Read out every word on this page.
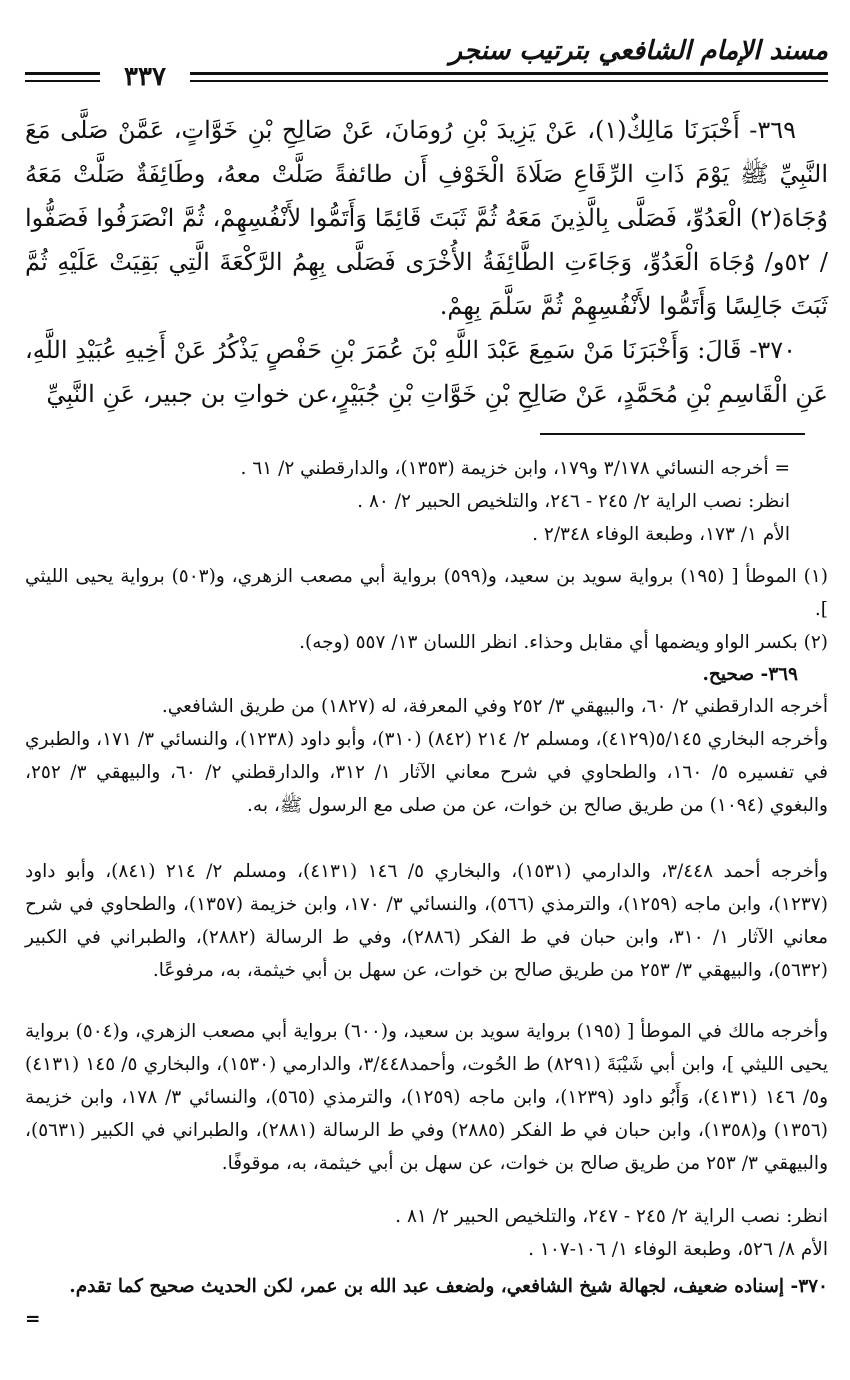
مسند الإمام الشافعي بترتيب سنجر
٣٣٧

٣٦٩- أَخْبَرَنَا مَالِكٌ(١)، عَنْ يَزِيدَ بْنِ رُومَانَ، عَنْ صَالِحِ بْنِ خَوَّاتٍ، عَمَّنْ صَلَّى مَعَ النَّبِيِّ ﷺ يَوْمَ ذَاتِ الرِّقَاعِ صَلَاةَ الْخَوْفِ أَن طائفةً صَلَّتْ معهُ، وطَائِفَةٌ صَلَّتْ مَعَهُ وُجَاهَ(٢) الْعَدُوِّ، فَصَلَّى بِالَّذِينَ مَعَهُ ثُمَّ ثَبَتَ قَائِمًا وَأَتَمُّوا لأَنْفُسِهِمْ، ثُمَّ انْصَرَفُوا فَصَفُّوا / ٥٢و/ وُجَاهَ الْعَدُوِّ، وَجَاءَتِ الطَّائِفَةُ الأُخْرَى فَصَلَّى بِهِمُ الرَّكْعَةَ الَّتِي بَقِيَتْ عَلَيْهِ ثُمَّ ثَبَتَ جَالِسًا وَأَتَمُّوا لأَنْفُسِهِمْ ثُمَّ سَلَّمَ بِهِمْ.

٣٧٠- قَالَ: وَأَخْبَرَنَا مَنْ سَمِعَ عَبْدَ اللَّهِ بْنَ عُمَرَ بْنِ حَفْصٍ يَذْكُرُ عَنْ أَخِيهِ عُبَيْدِ اللَّهِ، عَنِ الْقَاسِمِ بْنِ مُحَمَّدٍ، عَنْ صَالِحِ بْنِ خَوَّاتِ بْنِ جُبَيْرٍ،عن خواتِ بن جبير، عَنِ النَّبِيِّ

= أخرجه النسائي ٣/١٧٨ و١٧٩، وابن خزيمة (١٣٥٣)، والدارقطني ٢/ ٦١ .
انظر: نصب الراية ٢/ ٢٤٥ - ٢٤٦، والتلخيص الحبير ٢/ ٨٠ .
الأم ١/ ١٧٣، وطبعة الوفاء ٢/٣٤٨ .
(١) الموطأ [ (١٩٥) برواية سويد بن سعيد، و(٥٩٩) برواية أبي مصعب الزهري، و(٥٠٣) برواية يحيى الليثي ].
(٢) بكسر الواو ويضمها أي مقابل وحذاء. انظر اللسان ١٣/ ٥٥٧ (وجه).
٣٦٩- صحيح.
أخرجه الدارقطني ٢/ ٦٠، والبيهقي ٣/ ٢٥٢ وفي المعرفة، له (١٨٢٧) من طريق الشافعي.
وأخرجه البخاري ٥/١٤٥(٤١٢٩)، ومسلم ٢/ ٢١٤ (٨٤٢) (٣١٠)، وأبو داود (١٢٣٨)، والنسائي ٣/ ١٧١، والطبري في تفسيره ٥/ ١٦٠، والطحاوي في شرح معاني الآثار ١/ ٣١٢، والدارقطني ٢/ ٦٠، والبيهقي ٣/ ٢٥٢، والبغوي (١٠٩٤) من طريق صالح بن خوات، عن من صلى مع الرسول ﷺ، به.
وأخرجه أحمد ٣/٤٤٨، والدارمي (١٥٣١)، والبخاري ٥/ ١٤٦ (٤١٣١)، ومسلم ٢/ ٢١٤ (٨٤١)، وأبو داود (١٢٣٧)، وابن ماجه (١٢٥٩)، والترمذي (٥٦٦)، والنسائي ٣/ ١٧٠، وابن خزيمة (١٣٥٧)، والطحاوي في شرح معاني الآثار ١/ ٣١٠، وابن حبان في ط الفكر (٢٨٨٦)، وفي ط الرسالة (٢٨٨٢)، والطبراني في الكبير (٥٦٣٢)، والبيهقي ٣/ ٢٥٣ من طريق صالح بن خوات، عن سهل بن أبي خيثمة، به، مرفوعًا.
وأخرجه مالك في الموطأ [ (١٩٥) برواية سويد بن سعيد، و(٦٠٠) برواية أبي مصعب الزهري، و(٥٠٤) برواية يحيى الليثي ]، وابن أبي شَيْبَةَ (٨٢٩١) ط الحُوت، وأحمد٣/٤٤٨، والدارمي (١٥٣٠)، والبخاري ٥/ ١٤٥ (٤١٣١) و٥/ ١٤٦ (٤١٣١)، وَأَبُو داود (١٢٣٩)، وابن ماجه (١٢٥٩)، والترمذي (٥٦٥)، والنسائي ٣/ ١٧٨، وابن خزيمة (١٣٥٦) و(١٣٥٨)، وابن حبان في ط الفكر (٢٨٨٥) وفي ط الرسالة (٢٨٨١)، والطبراني في الكبير (٥٦٣١)، والبيهقي ٣/ ٢٥٣ من طريق صالح بن خوات، عن سهل بن أبي خيثمة، به، موقوفًا.
انظر: نصب الراية ٢/ ٢٤٥ - ٢٤٧، والتلخيص الحبير ٢/ ٨١ .
الأم ٨/ ٥٢٦، وطبعة الوفاء ١/ ١٠٦-١٠٧ .
٣٧٠- إسناده ضعيف، لجهالة شيخ الشافعي، ولضعف عبد الله بن عمر، لكن الحديث صحيح كما تقدم.
=
